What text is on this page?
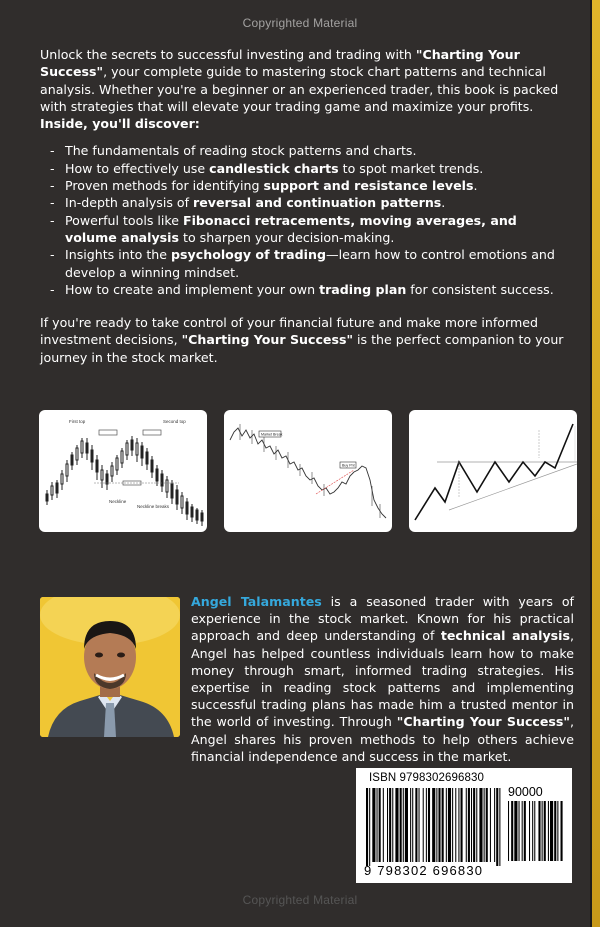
Copyrighted Material

Unlock the secrets to successful investing and trading with "Charting Your Success", your complete guide to mastering stock chart patterns and technical analysis. Whether you're a beginner or an experienced trader, this book is packed with strategies that will elevate your trading game and maximize your profits.

Inside, you'll discover:

- The fundamentals of reading stock patterns and charts.
- How to effectively use candlestick charts to spot market trends.
- Proven methods for identifying support and resistance levels.
- In-depth analysis of reversal and continuation patterns.
- Powerful tools like Fibonacci retracements, moving averages, and volume analysis to sharpen your decision-making.
- Insights into the psychology of trading—learn how to control emotions and develop a winning mindset.
- How to create and implement your own trading plan for consistent success.

If you're ready to take control of your financial future and make more informed investment decisions, "Charting Your Success" is the perfect companion to your journey in the stock market.

First top	Second top
Neckline
Neckline breaks
Market Break
Buy Pnt
Angel Talamantes is a seasoned trader with years of experience in the stock market. Known for his practical approach and deep understanding of technical analysis, Angel has helped countless individuals learn how to make money through smart, informed trading strategies. His expertise in reading stock patterns and implementing successful trading plans has made him a trusted mentor in the world of investing. Through "Charting Your Success", Angel shares his proven methods to help others achieve financial independence and success in the market.
ISBN 9798302696830
90000
9 798302 696830
Copyrighted Material
